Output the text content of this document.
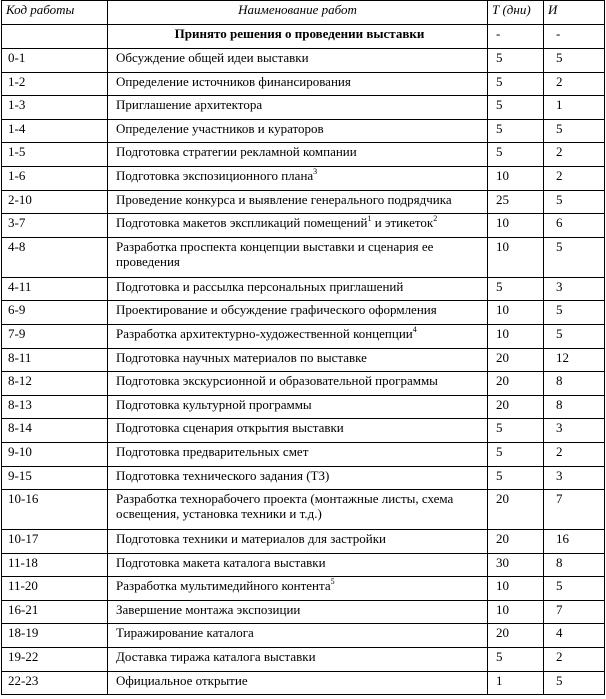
Код работы	Наименование работ	Т (дни)	И
	Принято решения о проведении выставки	-	-
0-1	Обсуждение общей идеи выставки	5	5
1-2	Определение источников финансирования	5	2
1-3	Приглашение архитектора	5	1
1-4	Определение участников и кураторов	5	5
1-5	Подготовка стратегии рекламной компании	5	2
1-6	Подготовка экспозиционного плана$^3$	10	2
2-10	Проведение конкурса и выявление генерального подрядчика	25	5
3-7	Подготовка макетов экспликаций помещений$^1$ и этикеток$^2$	10	6
4-8	Разработка проспекта концепции выставки и сценария ее проведения	10	5
4-11	Подготовка и рассылка персональных приглашений	5	3
6-9	Проектирование и обсуждение графического оформления	10	5
7-9	Разработка архитектурно-художественной концепции$^4$	10	5
8-11	Подготовка научных материалов по выставке	20	12
8-12	Подготовка экскурсионной и образовательной программы	20	8
8-13	Подготовка культурной программы	20	8
8-14	Подготовка сценария открытия выставки	5	3
9-10	Подготовка предварительных смет	5	2
9-15	Подготовка технического задания (ТЗ)	5	3
10-16	Разработка технорабочего проекта (монтажные листы, схема освещения, установка техники и т.д.)	20	7
10-17	Подготовка техники и материалов для застройки	20	16
11-18	Подготовка макета каталога выставки	30	8
11-20	Разработка мультимедийного контента$^5$	10	5
16-21	Завершение монтажа экспозиции	10	7
18-19	Тиражирование каталога	20	4
19-22	Доставка тиража каталога выставки	5	2
22-23	Официальное открытие	1	5
